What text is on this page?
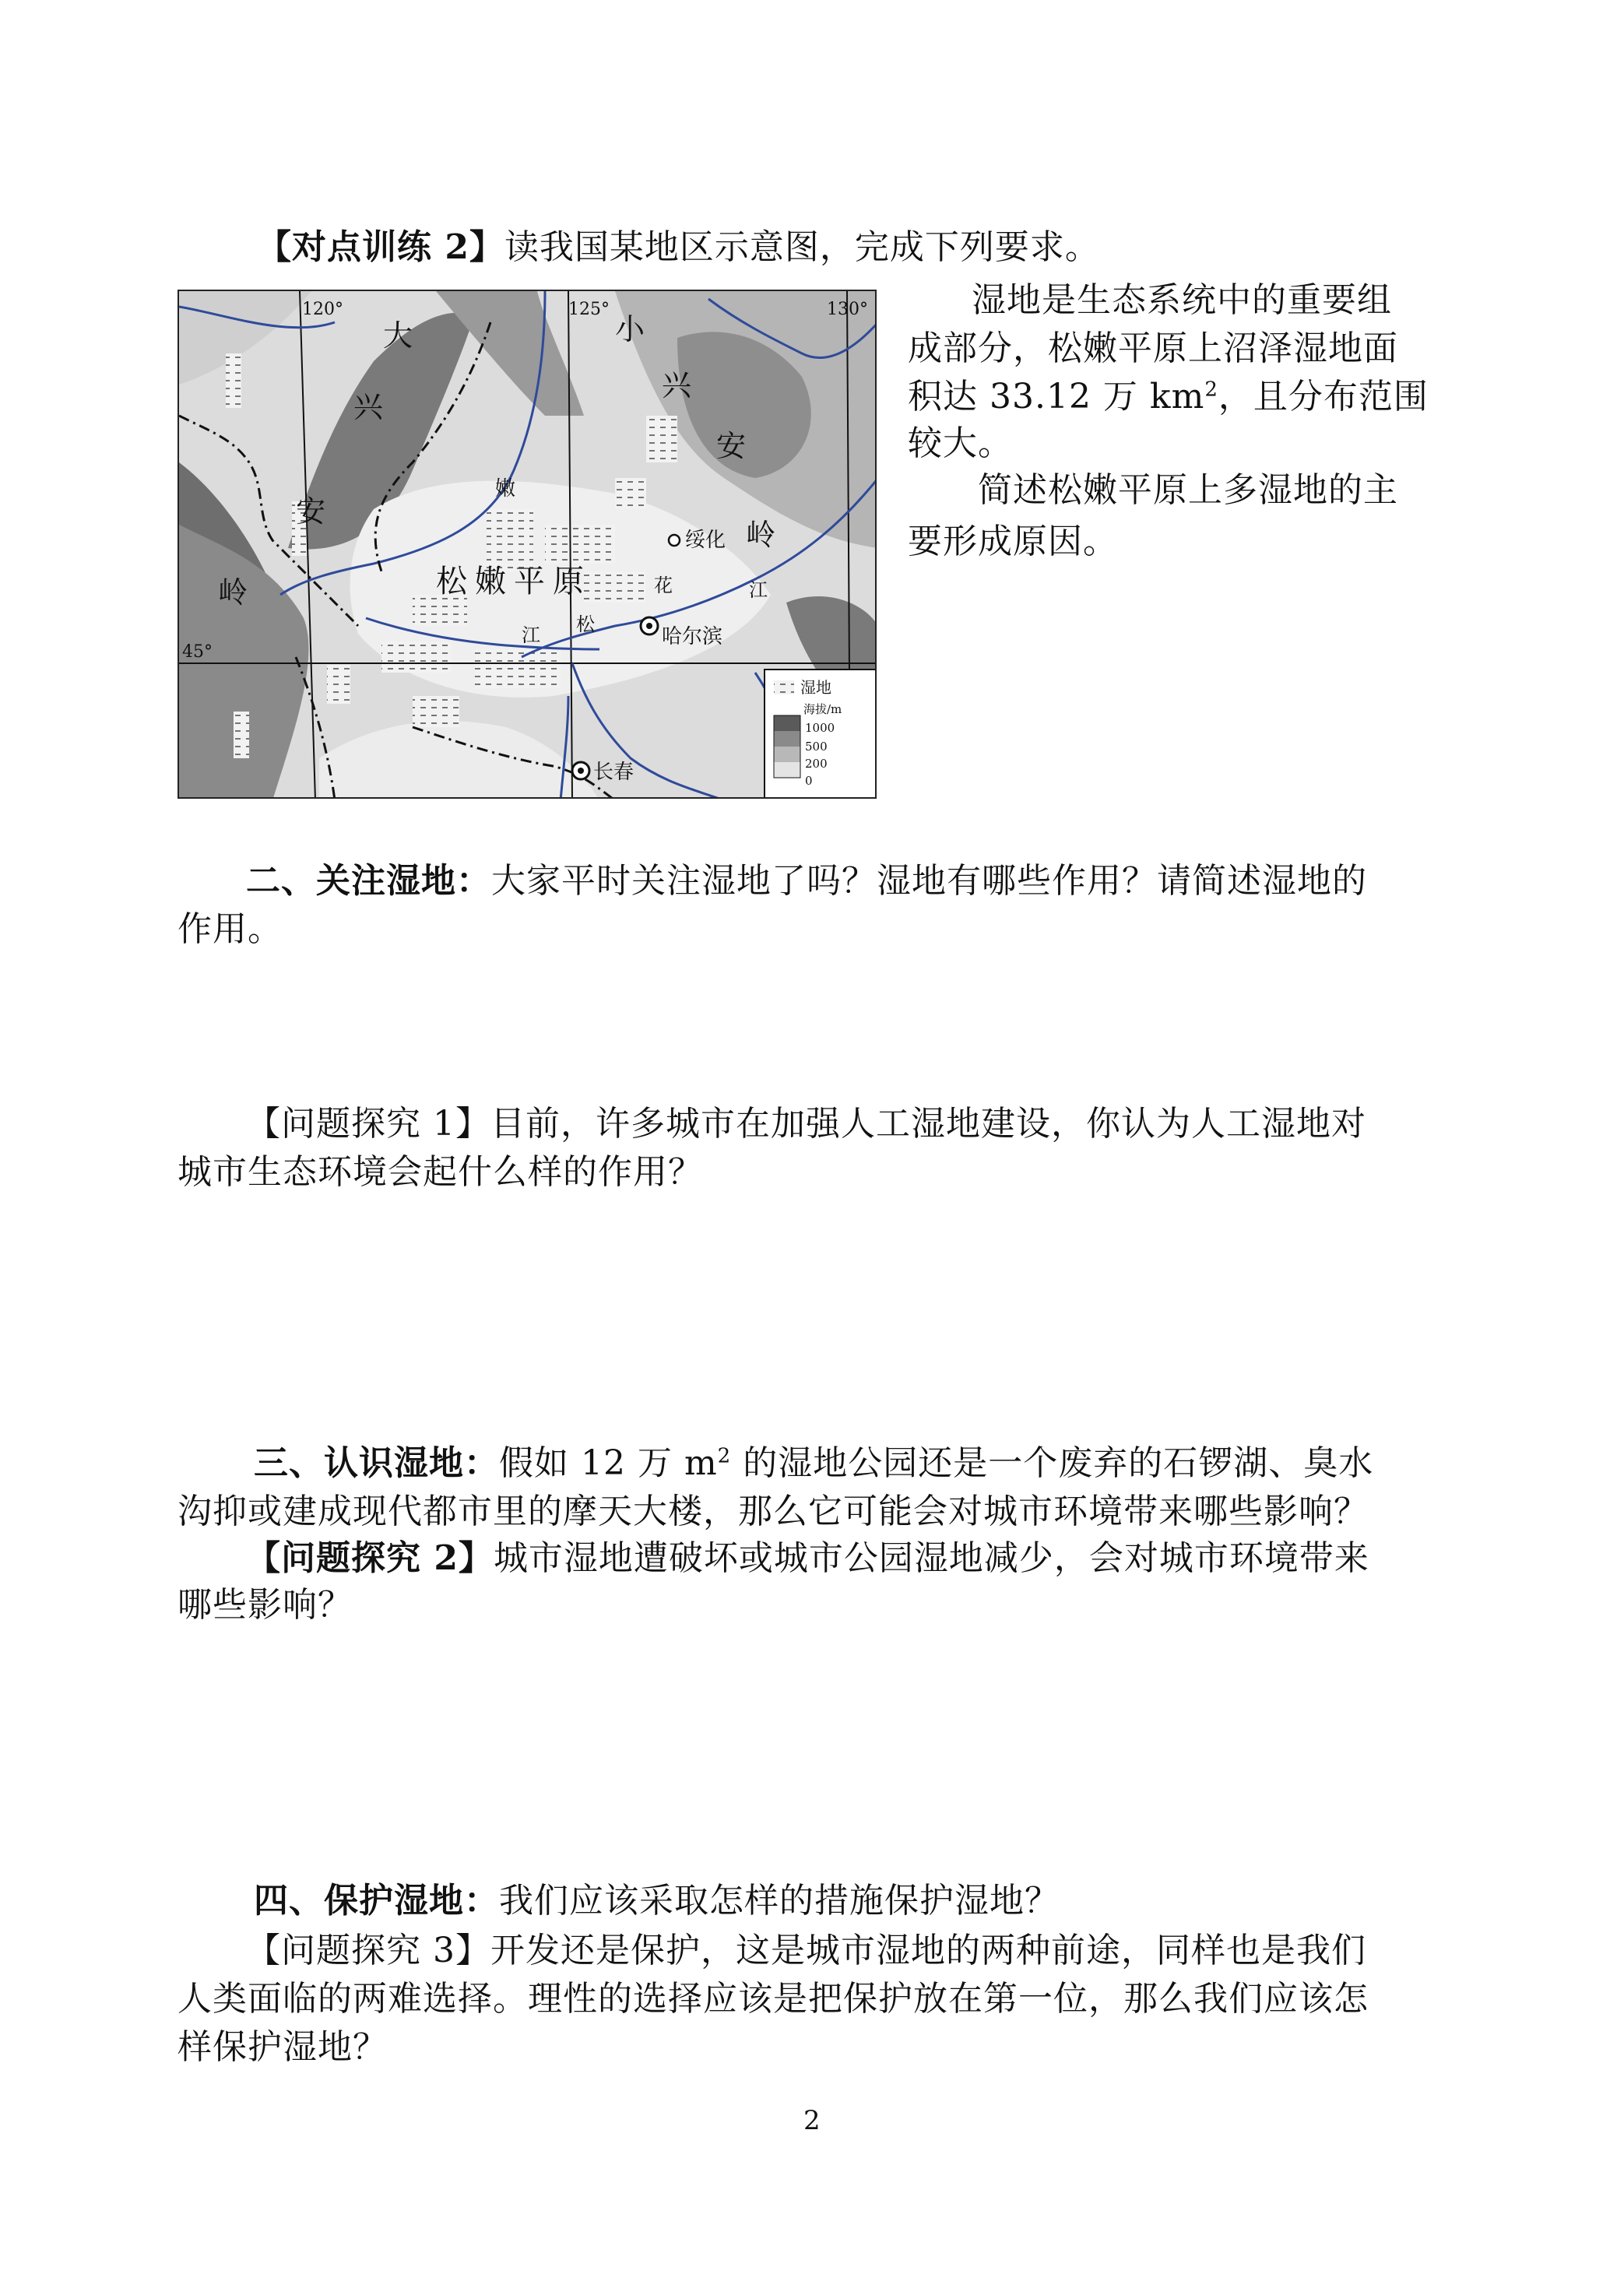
【对点训练 2】读我国某地区示意图，完成下列要求。
120°	125°	130°
45°
大
兴
安
岭
小
兴
安
岭
嫩
松嫩平原	花	江
江 松
绥化
哈尔滨
长春
湿地
海拔/m
1000
500
200
0
湿地是生态系统中的重要组
成部分，松嫩平原上沼泽湿地面
积达 33.12 万 $km^2$，且分布范围
较大。
简述松嫩平原上多湿地的主
要形成原因。
二、关注湿地：大家平时关注湿地了吗？湿地有哪些作用？请简述湿地的
作用。
【问题探究 1】目前，许多城市在加强人工湿地建设，你认为人工湿地对
城市生态环境会起什么样的作用？
三、认识湿地：假如 12 万 $m^2$ 的湿地公园还是一个废弃的石锣湖、臭水
沟抑或建成现代都市里的摩天大楼，那么它可能会对城市环境带来哪些影响？
【问题探究 2】城市湿地遭破坏或城市公园湿地减少，会对城市环境带来
哪些影响？
四、保护湿地：我们应该采取怎样的措施保护湿地？
【问题探究 3】开发还是保护，这是城市湿地的两种前途，同样也是我们
人类面临的两难选择。理性的选择应该是把保护放在第一位，那么我们应该怎
样保护湿地？
2
